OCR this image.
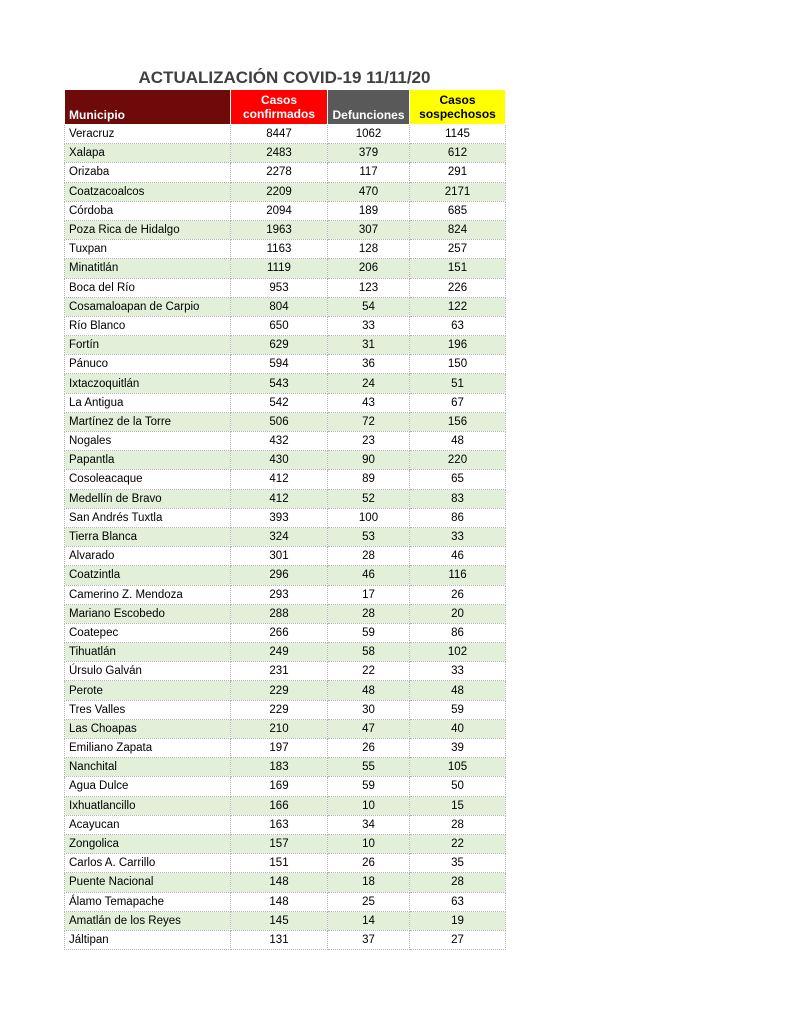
ACTUALIZACIÓN COVID-19 11/11/20
Municipio	Casos confirmados	Defunciones	Casos sospechosos
Veracruz	8447	1062	1145
Xalapa	2483	379	612
Orizaba	2278	117	291
Coatzacoalcos	2209	470	2171
Córdoba	2094	189	685
Poza Rica de Hidalgo	1963	307	824
Tuxpan	1163	128	257
Minatitlán	1119	206	151
Boca del Río	953	123	226
Cosamaloapan de Carpio	804	54	122
Río Blanco	650	33	63
Fortín	629	31	196
Pánuco	594	36	150
Ixtaczoquitlán	543	24	51
La Antigua	542	43	67
Martínez de la Torre	506	72	156
Nogales	432	23	48
Papantla	430	90	220
Cosoleacaque	412	89	65
Medellín de Bravo	412	52	83
San Andrés Tuxtla	393	100	86
Tierra Blanca	324	53	33
Alvarado	301	28	46
Coatzintla	296	46	116
Camerino Z. Mendoza	293	17	26
Mariano Escobedo	288	28	20
Coatepec	266	59	86
Tihuatlán	249	58	102
Úrsulo Galván	231	22	33
Perote	229	48	48
Tres Valles	229	30	59
Las Choapas	210	47	40
Emiliano Zapata	197	26	39
Nanchital	183	55	105
Agua Dulce	169	59	50
Ixhuatlancillo	166	10	15
Acayucan	163	34	28
Zongolica	157	10	22
Carlos A. Carrillo	151	26	35
Puente Nacional	148	18	28
Álamo Temapache	148	25	63
Amatlán de los Reyes	145	14	19
Jáltipan	131	37	27
